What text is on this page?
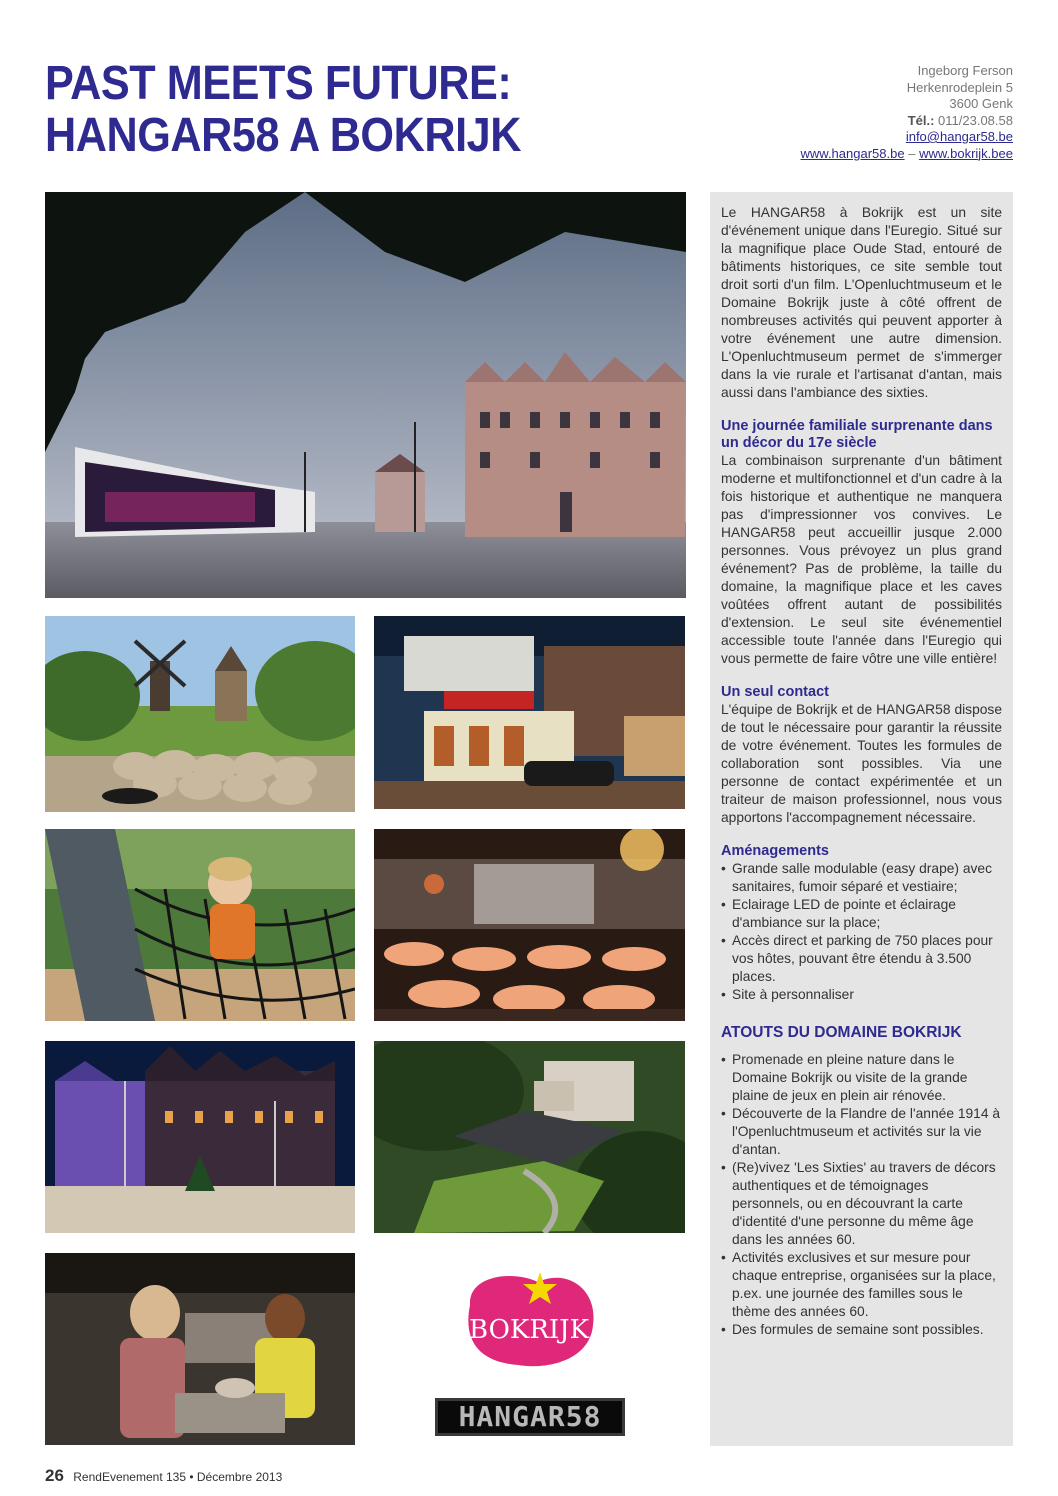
PAST MEETS FUTURE:
HANGAR58 A BOKRIJK
Ingeborg Ferson
Herkenrodeplein 5
3600 Genk
Tél.: 011/23.08.58
info@hangar58.be
www.hangar58.be – www.bokrijk.bee
BOKRIJK
HANGAR58

Le HANGAR58 à Bokrijk est un site d'événement unique dans l'Euregio. Situé sur la magnifique place Oude Stad, entouré de bâtiments historiques, ce site semble tout droit sorti d'un film. L'Openluchtmuseum et le Domaine Bokrijk juste à côté offrent de nombreuses activités qui peuvent apporter à votre événement une autre dimension. L'Openluchtmuseum permet de s'immerger dans la vie rurale et l'artisanat d'antan, mais aussi dans l'ambiance des sixties.

Une journée familiale surprenante dans un décor du 17e siècle

La combinaison surprenante d'un bâtiment moderne et multifonctionnel et d'un cadre à la fois historique et authentique ne manquera pas d'impressionner vos convives. Le HANGAR58 peut accueillir jusque 2.000 personnes. Vous prévoyez un plus grand événement? Pas de problème, la taille du domaine, la magnifique place et les caves voûtées offrent autant de possibilités d'extension. Le seul site événementiel accessible toute l'année dans l'Euregio qui vous permette de faire vôtre une ville entière!

Un seul contact

L'équipe de Bokrijk et de HANGAR58 dispose de tout le nécessaire pour garantir la réussite de votre événement. Toutes les formules de collaboration sont possibles. Via une personne de contact expérimentée et un traiteur de maison professionnel, nous vous apportons l'accompagnement nécessaire.

Aménagements
• Grande salle modulable (easy drape) avec sanitaires, fumoir séparé et vestiaire;
• Eclairage LED de pointe et éclairage d'ambiance sur la place;
• Accès direct et parking de 750 places pour vos hôtes, pouvant être étendu à 3.500 places.
• Site à personnaliser
ATOUTS DU DOMAINE BOKRIJK
• Promenade en pleine nature dans le Domaine Bokrijk ou visite de la grande plaine de jeux en plein air rénovée.
• Découverte de la Flandre de l'année 1914 à l'Openluchtmuseum et activités sur la vie d'antan.
• (Re)vivez 'Les Sixties' au travers de décors authentiques et de témoignages personnels, ou en découvrant la carte d'identité d'une personne du même âge dans les années 60.
• Activités exclusives et sur mesure pour chaque entreprise, organisées sur la place, p.ex. une journée des familles sous le thème des années 60.
• Des formules de semaine sont possibles.
26 RendEvenement 135 • Décembre 2013
